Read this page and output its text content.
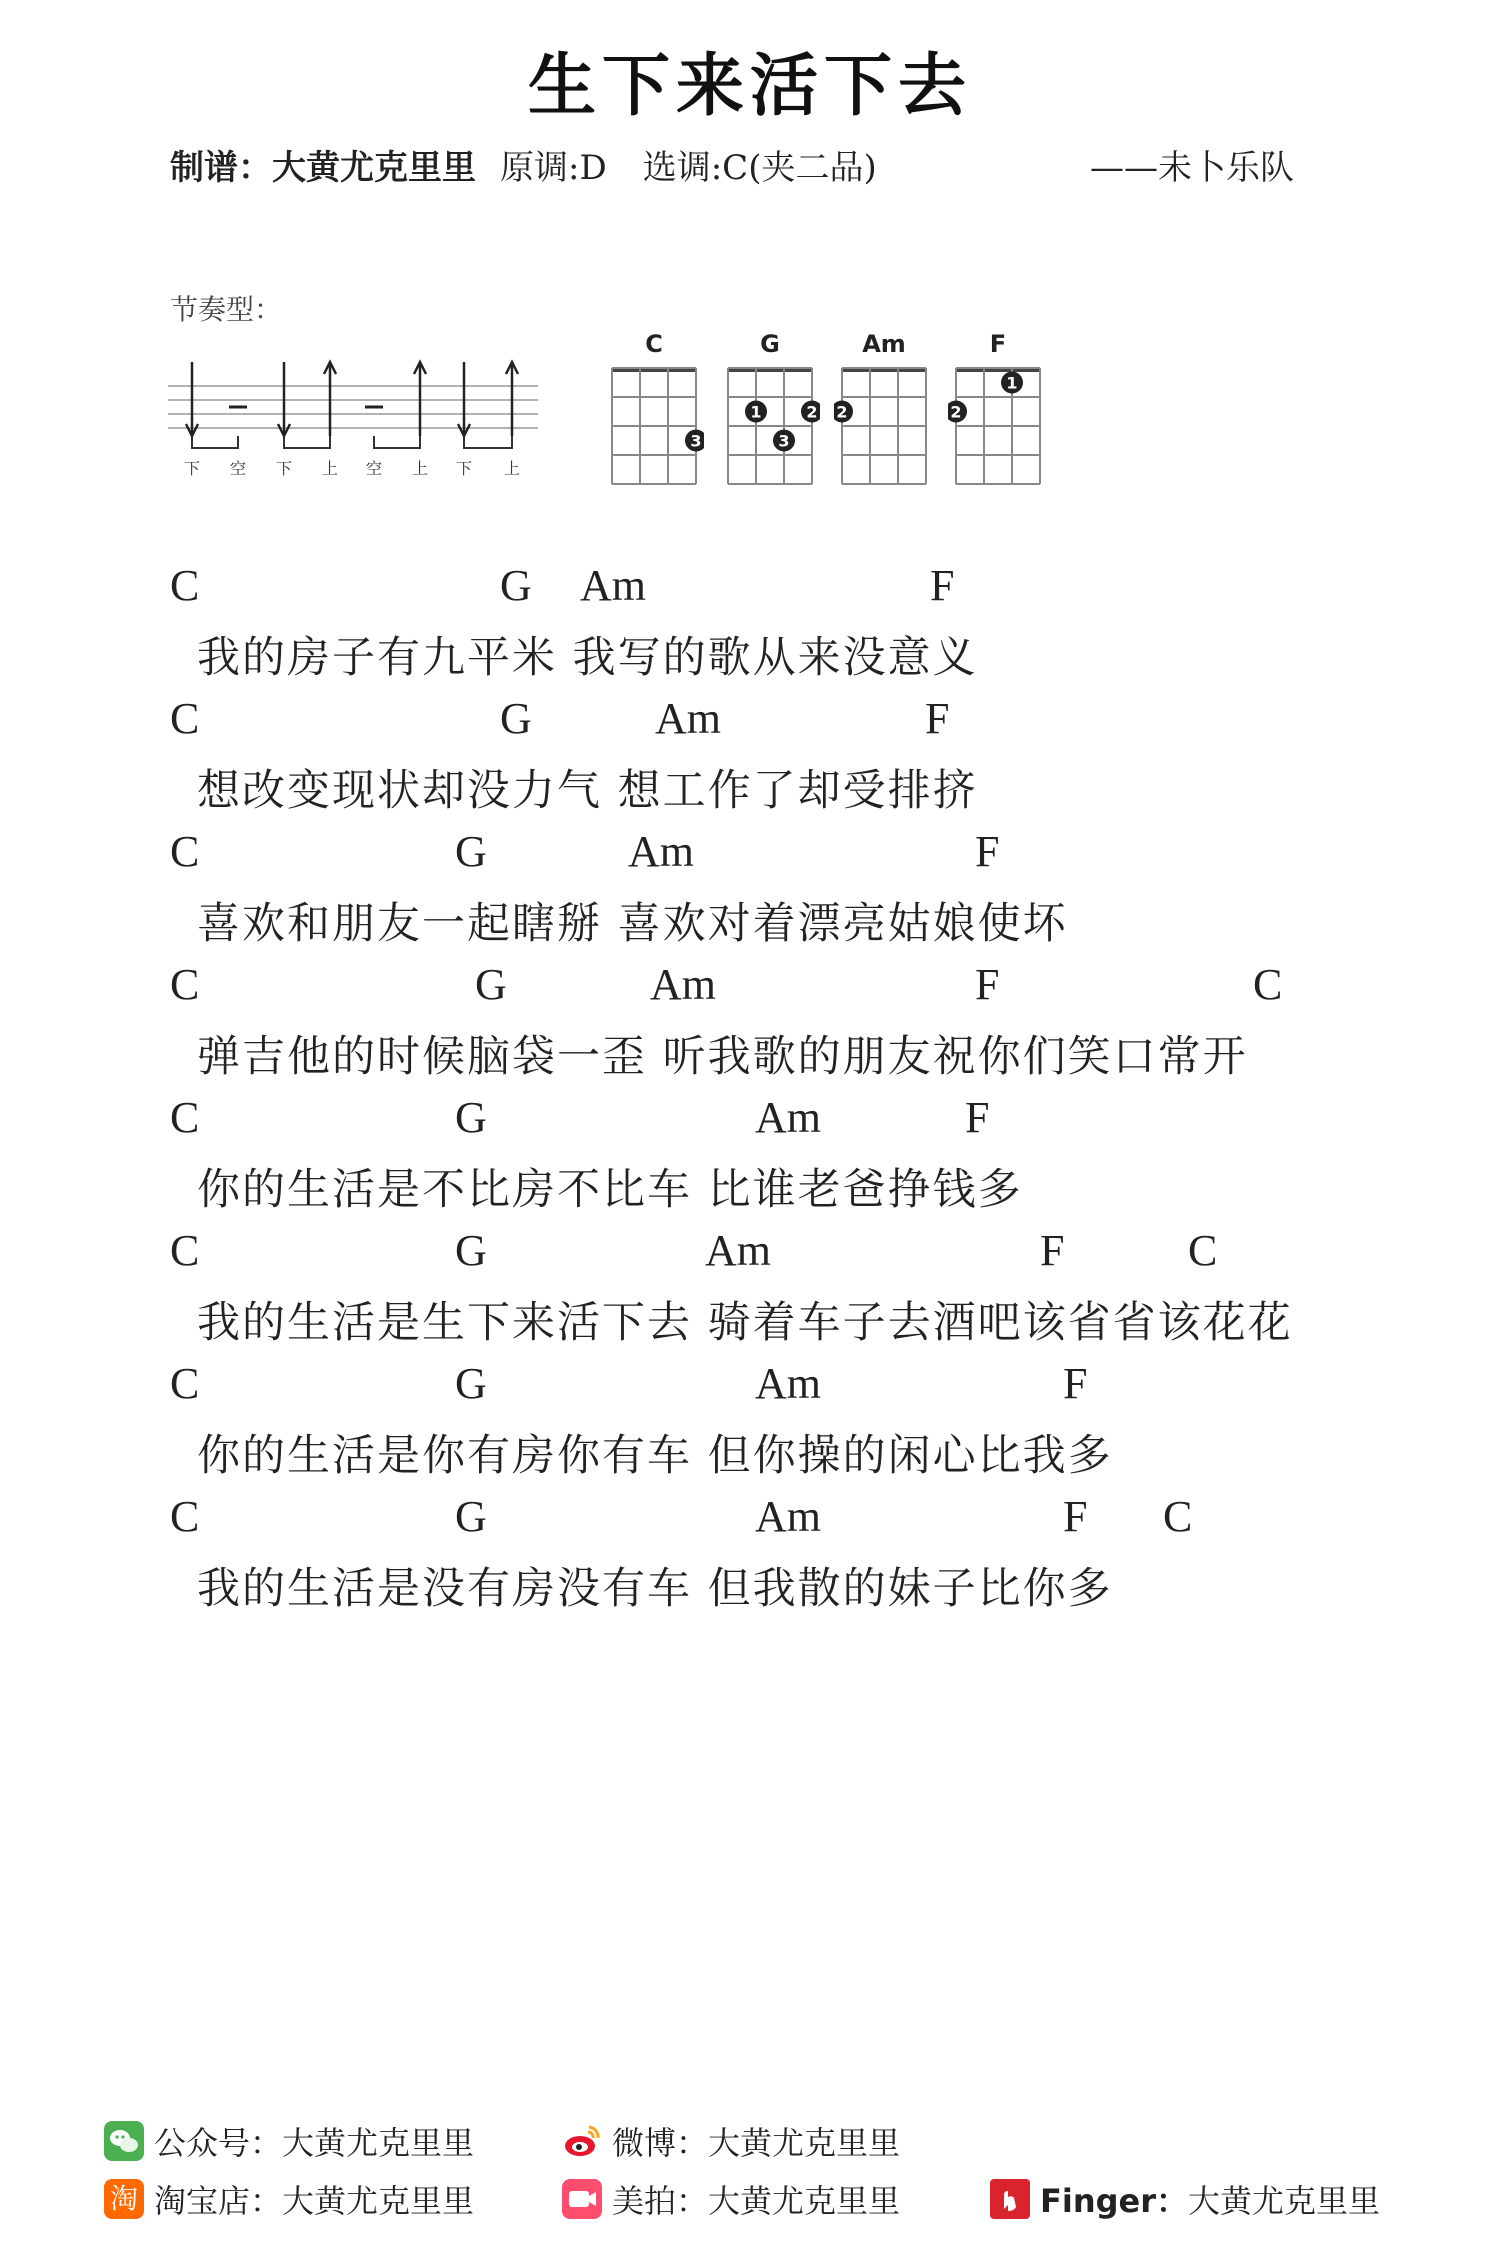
生下来活下去
制谱：大黄尤克里里 原调:D 选调:C(夹二品)	——未卜乐队
节奏型：
下 空 下 上 空 上 下 上
C
3
G
1
3
2
Am
2
F
2
1
C	G Am	F
我的房子有九平米 我写的歌从来没意义
C	G	Am	F
想改变现状却没力气 想工作了却受排挤
C	G	Am	F
喜欢和朋友一起瞎掰 喜欢对着漂亮姑娘使坏
C	G	Am	F	C
弹吉他的时候脑袋一歪 听我歌的朋友祝你们笑口常开
C	G	Am	F
你的生活是不比房不比车 比谁老爸挣钱多
C	G	Am	F	C
我的生活是生下来活下去 骑着车子去酒吧该省省该花花
C	G	Am	F
你的生活是你有房你有车 但你操的闲心比我多
C	G	Am	F C
我的生活是没有房没有车 但我散的妹子比你多
公众号：大黄尤克里里	微博：大黄尤克里里
淘 淘宝店：大黄尤克里里	美拍：大黄尤克里里	Finger：大黄尤克里里
